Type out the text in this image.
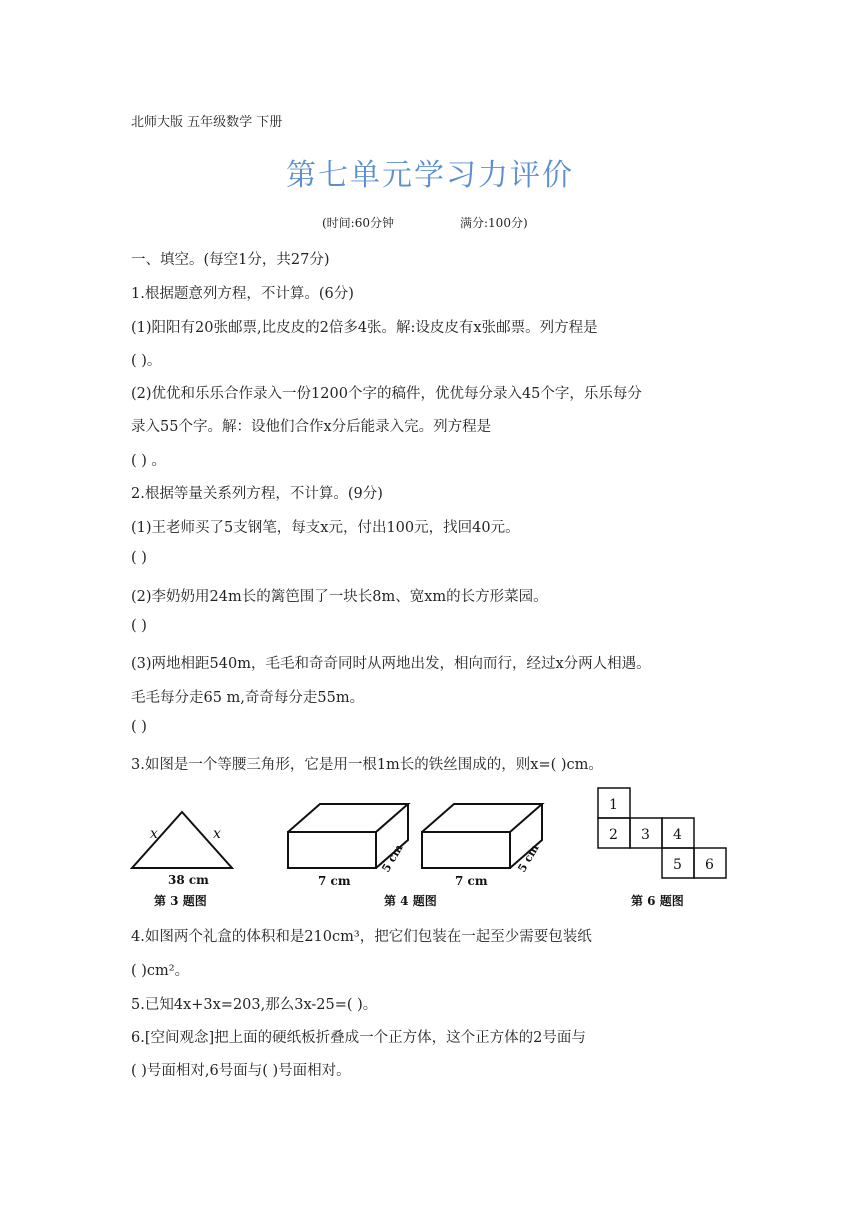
北师大版 五年级数学 下册
第七单元学习力评价
(时间:60分钟	满分:100分)
一、填空。(每空1分，共27分)
1.根据题意列方程，不计算。(6分)
(1)阳阳有20张邮票,比皮皮的2倍多4张。解:设皮皮有x张邮票。列方程是
( )。
(2)优优和乐乐合作录入一份1200个字的稿件，优优每分录入45个字，乐乐每分
录入55个字。解：设他们合作x分后能录入完。列方程是
( ) 。
2.根据等量关系列方程，不计算。(9分)
(1)王老师买了5支钢笔，每支x元，付出100元，找回40元。
( )
(2)李奶奶用24m长的篱笆围了一块长8m、宽xm的长方形菜园。
( )
(3)两地相距540m，毛毛和奇奇同时从两地出发，相向而行，经过x分两人相遇。
毛毛每分走65 m,奇奇每分走55m。
( )
3.如图是一个等腰三角形，它是用一根1m长的铁丝围成的，则x=( )cm。
x	x
38 cm
第 3 题图
7 cm
5 cm
7 cm
5 cm
第 4 题图
1
2 3 4
5 6
第 6 题图
4.如图两个礼盒的体积和是210cm³，把它们包装在一起至少需要包装纸
( )cm²。
5.已知4x+3x=203,那么3x-25=( )。
6.[空间观念]把上面的硬纸板折叠成一个正方体，这个正方体的2号面与
( )号面相对,6号面与( )号面相对。
